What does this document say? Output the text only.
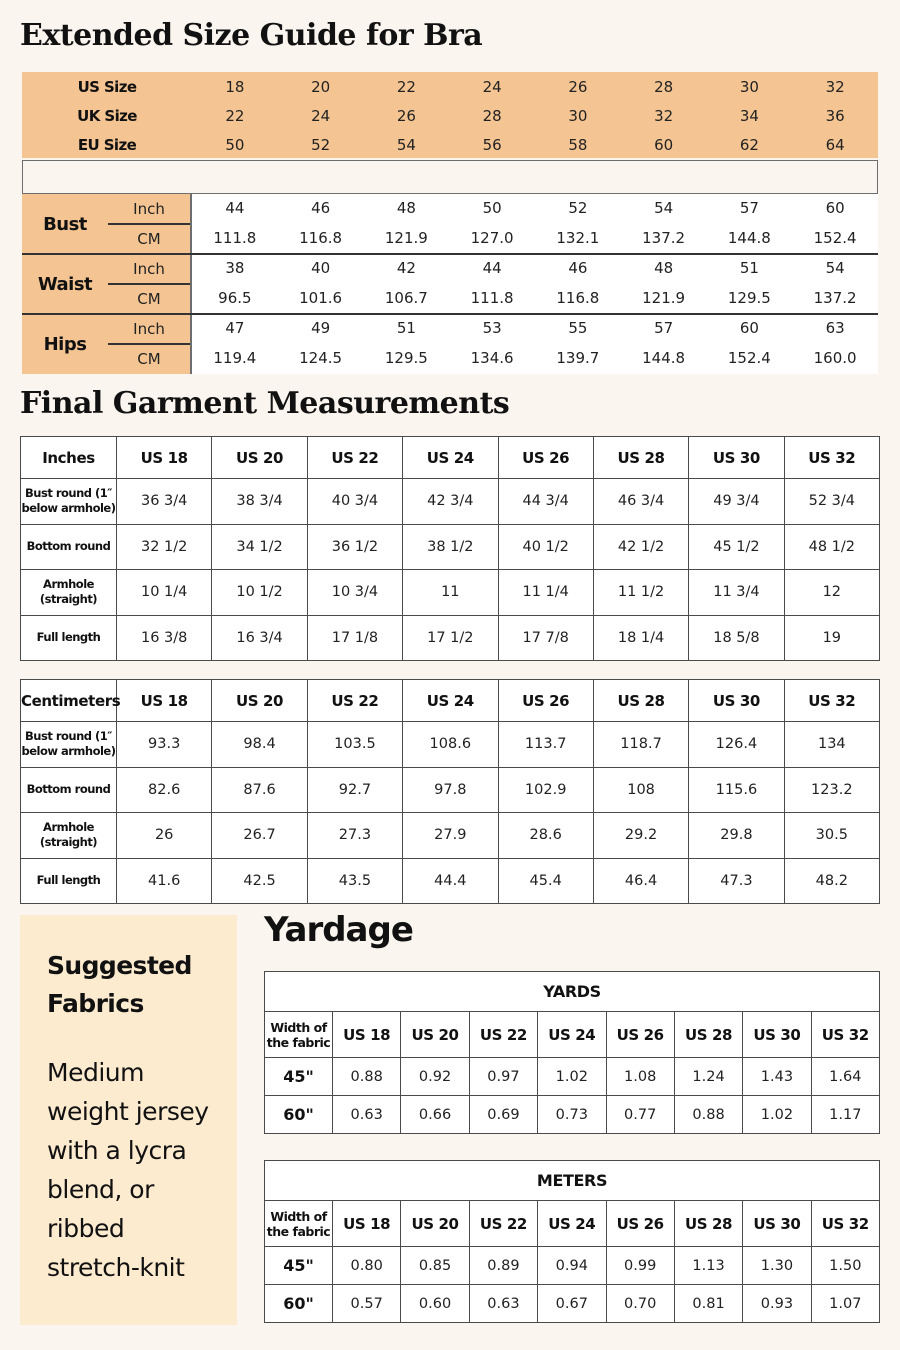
Extended Size Guide for Bra
US Size	18	20	22	24	26	28	30	32
UK Size	22	24	26	28	30	32	34	36
EU Size	50	52	54	56	58	60	62	64
Bust
Inch	44	46	48	50	52	54	57	60
CM	111.8	116.8	121.9	127.0	132.1	137.2	144.8	152.4
Waist
Inch	38	40	42	44	46	48	51	54
CM	96.5	101.6	106.7	111.8	116.8	121.9	129.5	137.2
Hips
Inch	47	49	51	53	55	57	60	63
CM	119.4	124.5	129.5	134.6	139.7	144.8	152.4	160.0
Final Garment Measurements
Inches	US 18	US 20	US 22	US 24	US 26	US 28	US 30	US 32

Bust round (1″
below armhole)	36 3/4	38 3/4	40 3/4	42 3/4	44 3/4	46 3/4	49 3/4	52 3/4

Bottom round	32 1/2	34 1/2	36 1/2	38 1/2	40 1/2	42 1/2	45 1/2	48 1/2

Armhole
(straight)	10 1/4	10 1/2	10 3/4	11	11 1/4	11 1/2	11 3/4	12

Full length	16 3/8	16 3/4	17 1/8	17 1/2	17 7/8	18 1/4	18 5/8	19
Centimeters	US 18	US 20	US 22	US 24	US 26	US 28	US 30	US 32

Bust round (1″
below armhole)	93.3	98.4	103.5	108.6	113.7	118.7	126.4	134

Bottom round	82.6	87.6	92.7	97.8	102.9	108	115.6	123.2

Armhole
(straight)	26	26.7	27.3	27.9	28.6	29.2	29.8	30.5

Full length	41.6	42.5	43.5	44.4	45.4	46.4	47.3	48.2
Suggested
Fabrics
Medium
weight jersey
with a lycra
blend, or
ribbed
stretch-knit
Yardage
YARDS								

Width of
the fabric	US 18	US 20	US 22	US 24	US 26	US 28	US 30	US 32
45"	0.88	0.92	0.97	1.02	1.08	1.24	1.43	1.64
60"	0.63	0.66	0.69	0.73	0.77	0.88	1.02	1.17
METERS								

Width of
the fabric	US 18	US 20	US 22	US 24	US 26	US 28	US 30	US 32
45"	0.80	0.85	0.89	0.94	0.99	1.13	1.30	1.50
60"	0.57	0.60	0.63	0.67	0.70	0.81	0.93	1.07
